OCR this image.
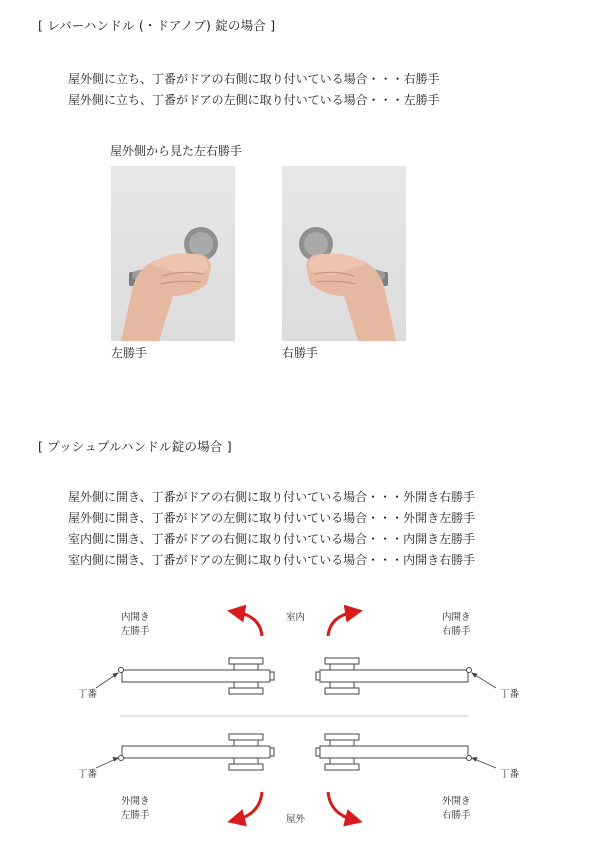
[ レバーハンドル (・ドアノブ) 錠の場合 ]
屋外側に立ち、丁番がドアの右側に取り付いている場合・・・右勝手
屋外側に立ち、丁番がドアの左側に取り付いている場合・・・左勝手
屋外側から見た左右勝手
左勝手	右勝手
[ プッシュプルハンドル錠の場合 ]
屋外側に開き、丁番がドアの右側に取り付いている場合・・・外開き右勝手
屋外側に開き、丁番がドアの左側に取り付いている場合・・・外開き左勝手
室内側に開き、丁番がドアの右側に取り付いている場合・・・内開き左勝手
室内側に開き、丁番がドアの左側に取り付いている場合・・・内開き右勝手
内開き
左勝手
内開き
右勝手
室内
屋外
外開き
左勝手
外開き
右勝手
丁番	丁番
丁番	丁番
